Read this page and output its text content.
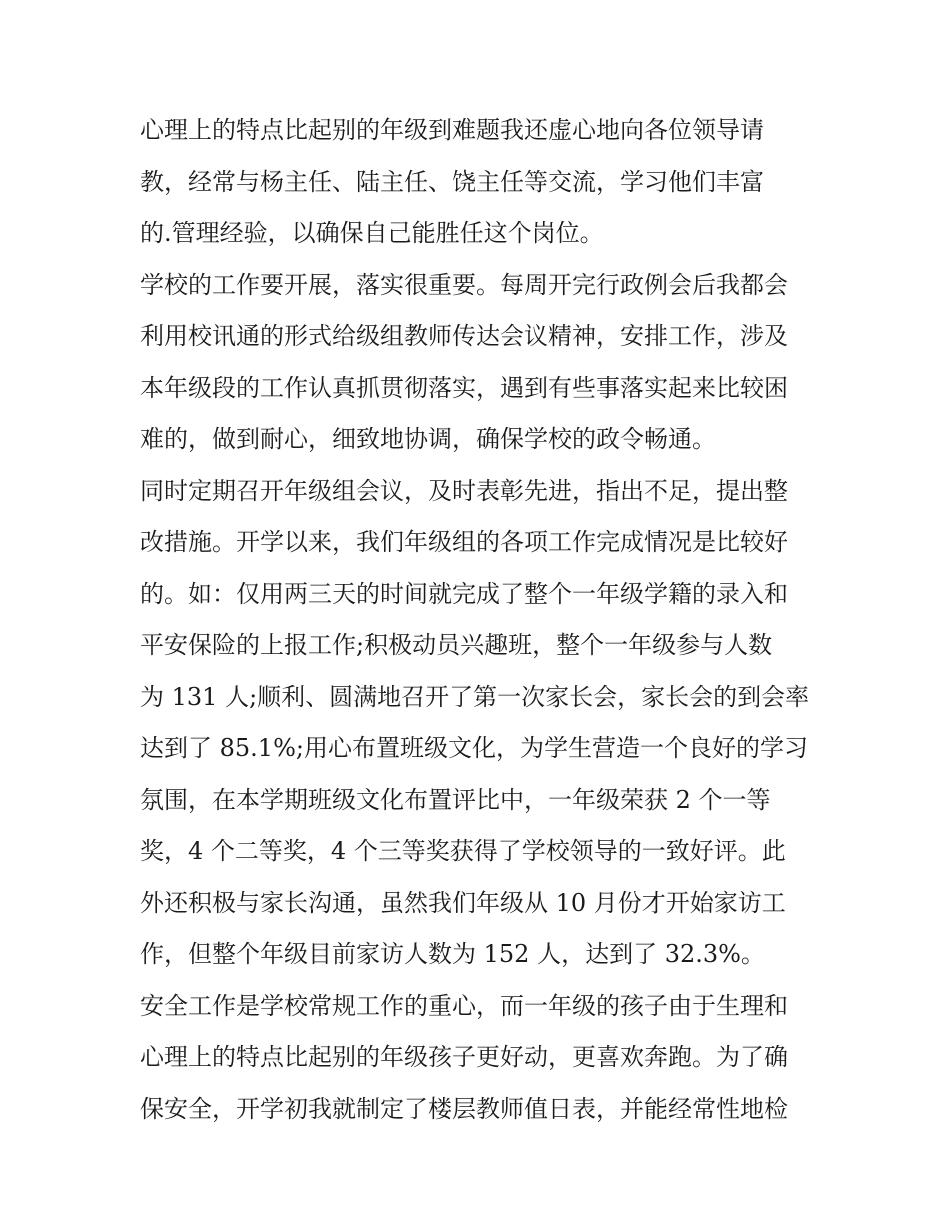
心理上的特点比起别的年级到难题我还虚心地向各位领导请
教，经常与杨主任、陆主任、饶主任等交流，学习他们丰富
的.管理经验，以确保自己能胜任这个岗位。
学校的工作要开展，落实很重要。每周开完行政例会后我都会
利用校讯通的形式给级组教师传达会议精神，安排工作，涉及
本年级段的工作认真抓贯彻落实，遇到有些事落实起来比较困
难的，做到耐心，细致地协调，确保学校的政令畅通。
同时定期召开年级组会议，及时表彰先进，指出不足，提出整
改措施。开学以来，我们年级组的各项工作完成情况是比较好
的。如：仅用两三天的时间就完成了整个一年级学籍的录入和
平安保险的上报工作;积极动员兴趣班，整个一年级参与人数
为 131 人;顺利、圆满地召开了第一次家长会，家长会的到会率
达到了 85.1%;用心布置班级文化，为学生营造一个良好的学习
氛围，在本学期班级文化布置评比中，一年级荣获 2 个一等
奖，4 个二等奖，4 个三等奖获得了学校领导的一致好评。此
外还积极与家长沟通，虽然我们年级从 10 月份才开始家访工
作，但整个年级目前家访人数为 152 人，达到了 32.3%。
安全工作是学校常规工作的重心，而一年级的孩子由于生理和
心理上的特点比起别的年级孩子更好动，更喜欢奔跑。为了确
保安全，开学初我就制定了楼层教师值日表，并能经常性地检
